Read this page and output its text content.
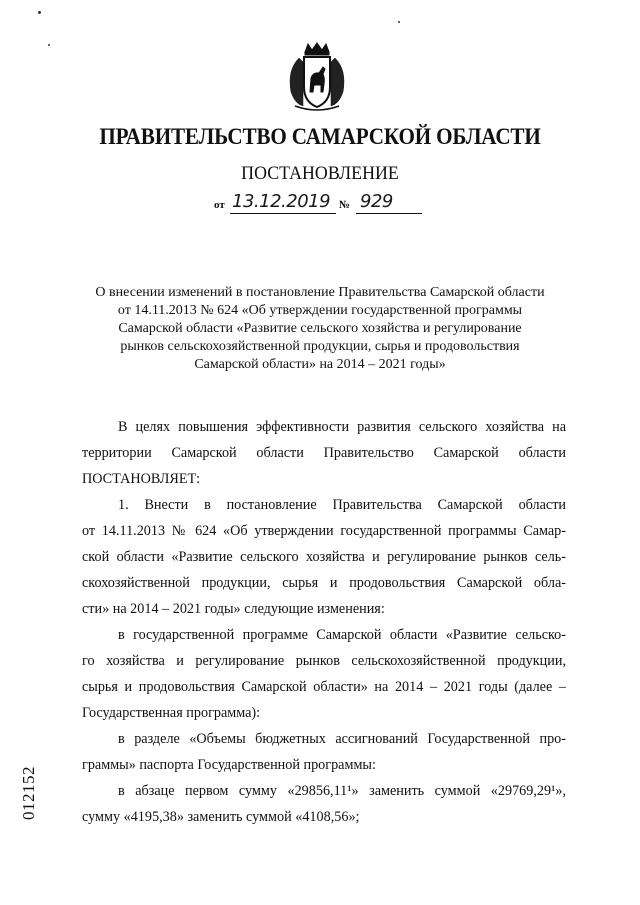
ПРАВИТЕЛЬСТВО САМАРСКОЙ ОБЛАСТИ
ПОСТАНОВЛЕНИЕ
от 13.12.2019 № 929
О внесении изменений в постановление Правительства Самарской области
от 14.11.2013 № 624 «Об утверждении государственной программы
Самарской области «Развитие сельского хозяйства и регулирование
рынков сельскохозяйственной продукции, сырья и продовольствия
Самарской области» на 2014 – 2021 годы»
В целях повышения эффективности развития сельского хозяйства на
территории Самарской области Правительство Самарской области
ПОСТАНОВЛЯЕТ:
1. Внести в постановление Правительства Самарской области
от 14.11.2013 № 624 «Об утверждении государственной программы Самар-
ской области «Развитие сельского хозяйства и регулирование рынков сель-
скохозяйственной продукции, сырья и продовольствия Самарской обла-
сти» на 2014 – 2021 годы» следующие изменения:
в государственной программе Самарской области «Развитие сельско-
го хозяйства и регулирование рынков сельскохозяйственной продукции,
сырья и продовольствия Самарской области» на 2014 – 2021 годы (далее –
Государственная программа):
в разделе «Объемы бюджетных ассигнований Государственной про-
граммы» паспорта Государственной программы:
в абзаце первом сумму «29856,11¹» заменить суммой «29769,29¹»,
сумму «4195,38» заменить суммой «4108,56»;
012152
